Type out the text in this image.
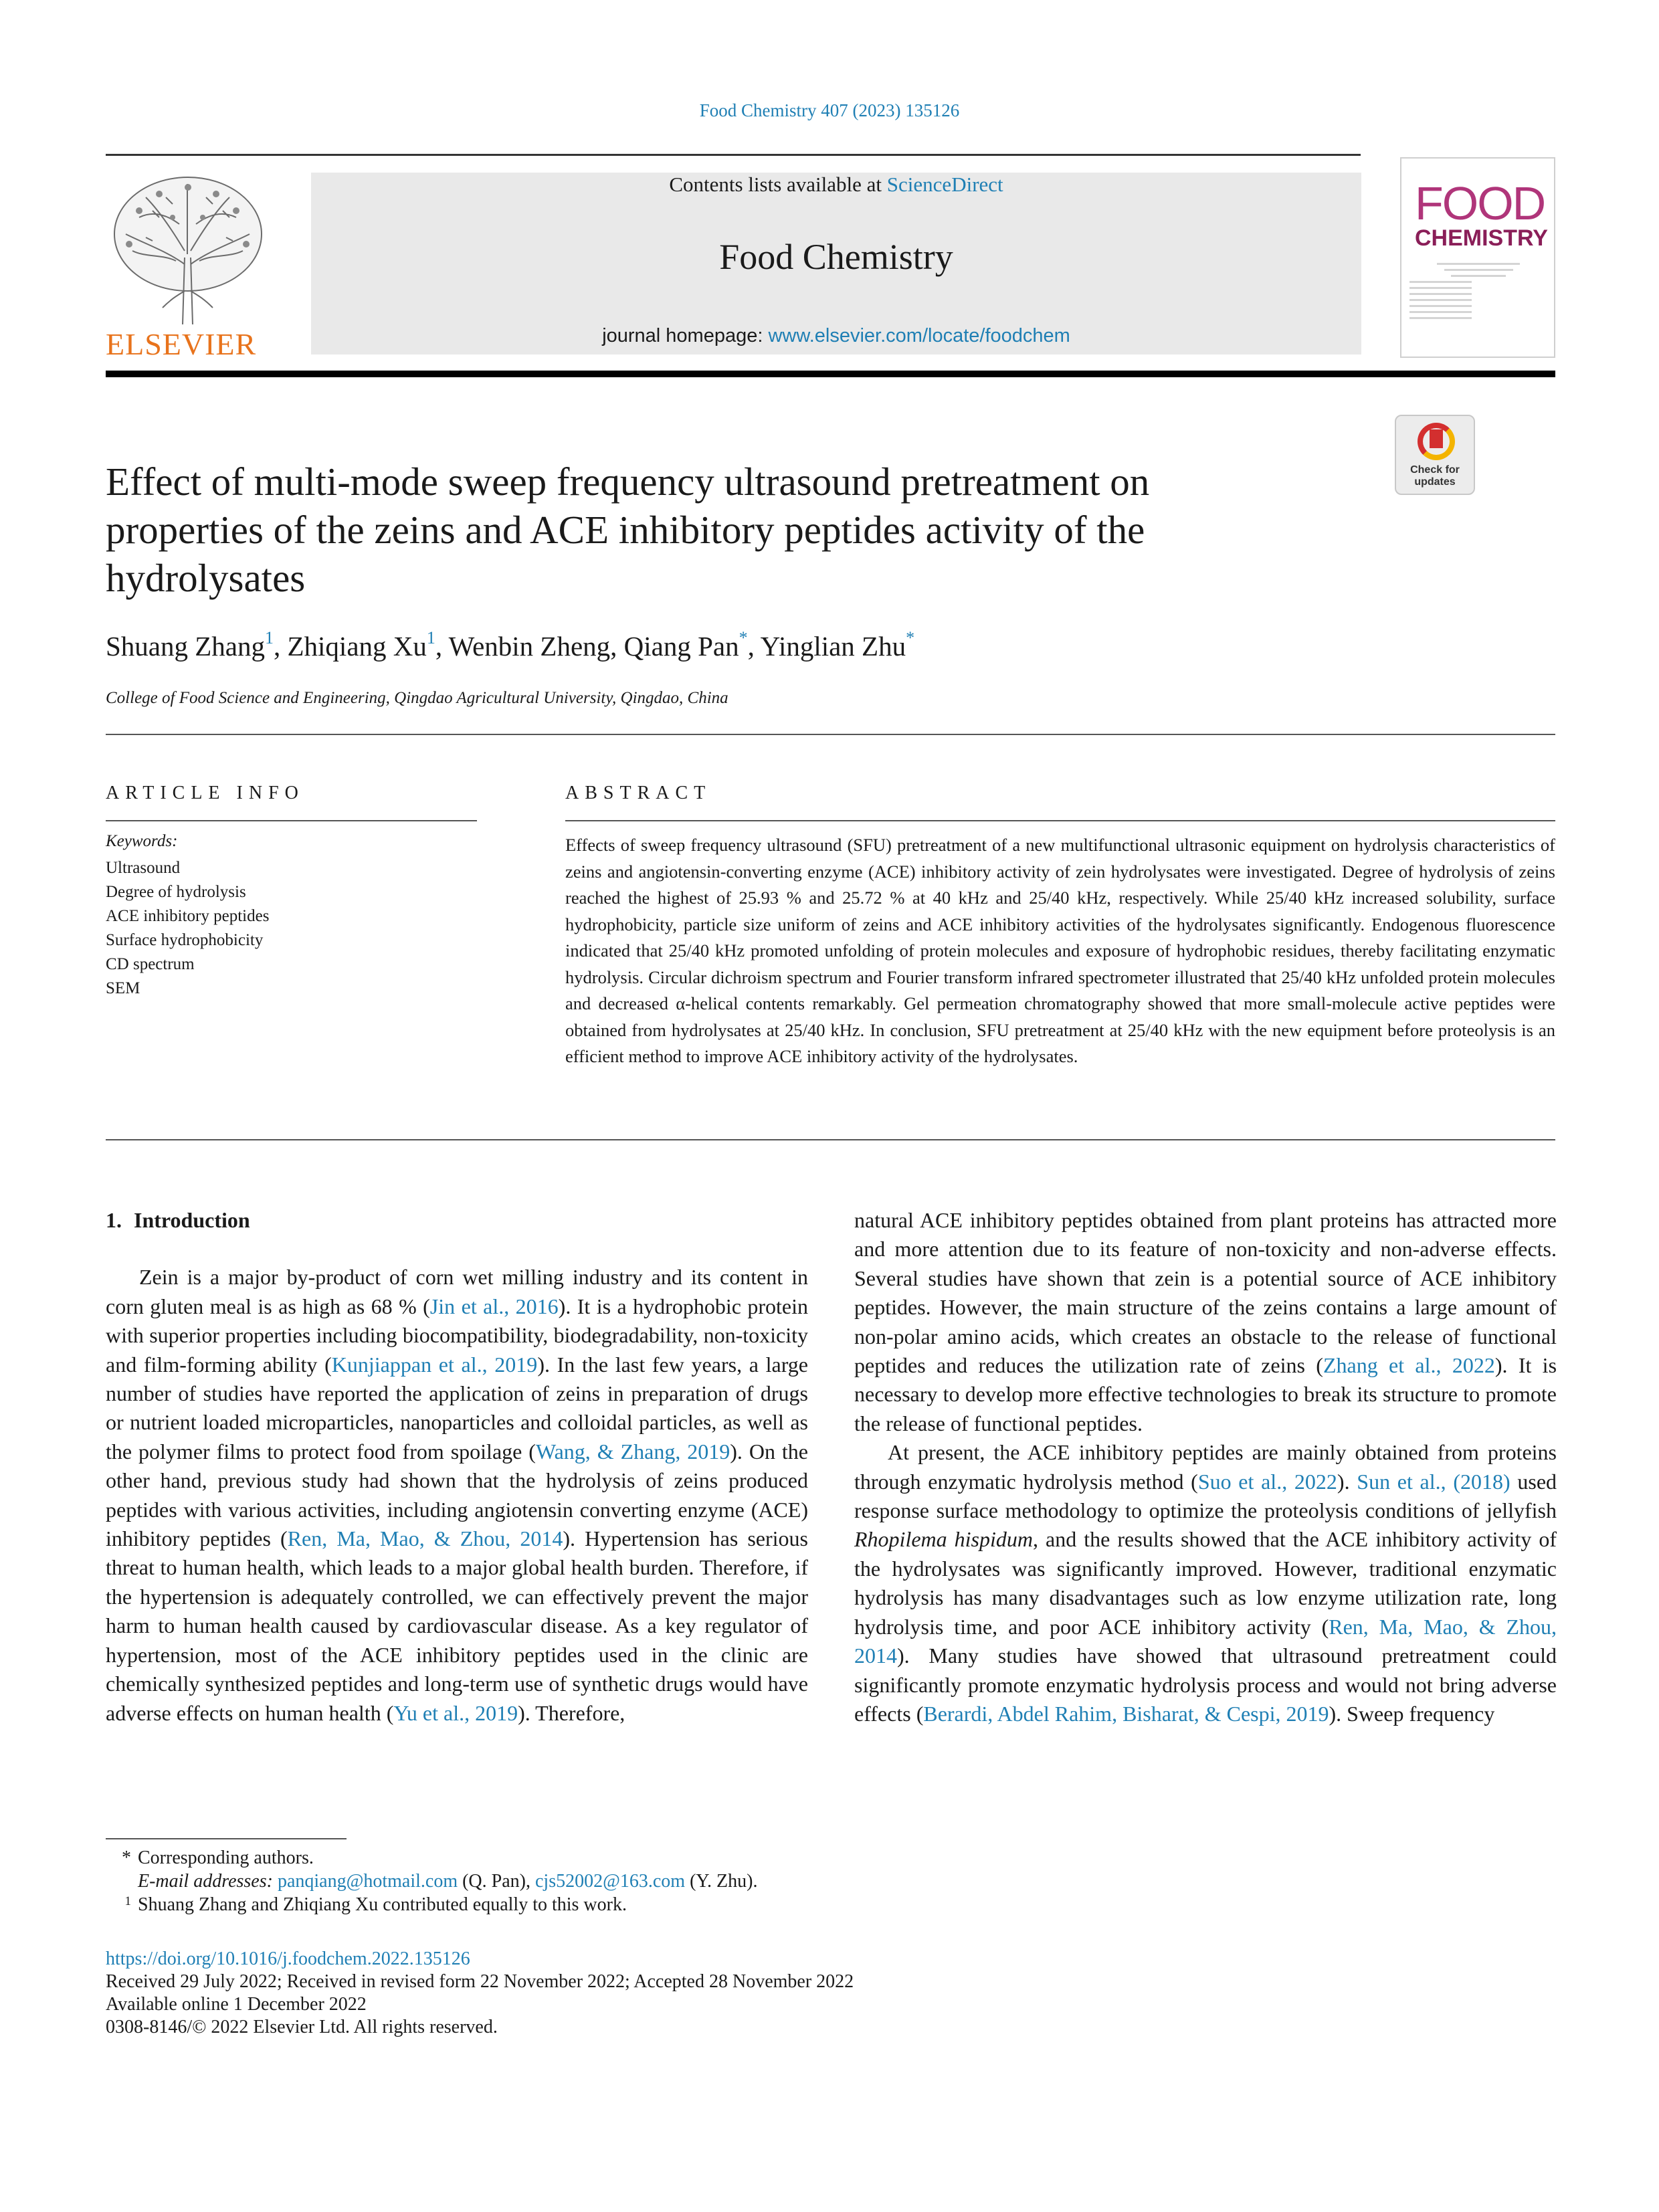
Food Chemistry 407 (2023) 135126
ELSEVIER
Contents lists available at ScienceDirect
Food Chemistry
journal homepage: www.elsevier.com/locate/foodchem
FOOD
CHEMISTRY
Check for updates
Effect of multi-mode sweep frequency ultrasound pretreatment on properties of the zeins and ACE inhibitory peptides activity of the hydrolysates
Shuang Zhang$^1$, Zhiqiang Xu$^1$, Wenbin Zheng, Qiang Pan*, Yinglian Zhu*
College of Food Science and Engineering, Qingdao Agricultural University, Qingdao, China
ARTICLE INFO
Keywords:
Ultrasound
Degree of hydrolysis
ACE inhibitory peptides
Surface hydrophobicity
CD spectrum
SEM
ABSTRACT
Effects of sweep frequency ultrasound (SFU) pretreatment of a new multifunctional ultrasonic equipment on hydrolysis characteristics of zeins and angiotensin-converting enzyme (ACE) inhibitory activity of zein hydrolysates were investigated. Degree of hydrolysis of zeins reached the highest of 25.93 % and 25.72 % at 40 kHz and 25/40 kHz, respectively. While 25/40 kHz increased solubility, surface hydrophobicity, particle size uniform of zeins and ACE inhibitory activities of the hydrolysates significantly. Endogenous fluorescence indicated that 25/40 kHz promoted unfolding of protein molecules and exposure of hydrophobic residues, thereby facilitating enzymatic hydrolysis. Circular dichroism spectrum and Fourier transform infrared spectrometer illustrated that 25/40 kHz unfolded protein molecules and decreased α-helical contents remarkably. Gel permeation chromatography showed that more small-molecule active peptides were obtained from hydrolysates at 25/40 kHz. In conclusion, SFU pretreatment at 25/40 kHz with the new equipment before proteolysis is an efficient method to improve ACE inhibitory activity of the hydrolysates.
1. Introduction

Zein is a major by-product of corn wet milling industry and its content in corn gluten meal is as high as 68 % (Jin et al., 2016). It is a hydrophobic protein with superior properties including biocompatibility, biodegradability, non-toxicity and film-forming ability (Kunjiappan et al., 2019). In the last few years, a large number of studies have reported the application of zeins in preparation of drugs or nutrient loaded microparticles, nanoparticles and colloidal particles, as well as the polymer films to protect food from spoilage (Wang, & Zhang, 2019). On the other hand, previous study had shown that the hydrolysis of zeins produced peptides with various activities, including angiotensin converting enzyme (ACE) inhibitory peptides (Ren, Ma, Mao, & Zhou, 2014). Hypertension has serious threat to human health, which leads to a major global health burden. Therefore, if the hypertension is adequately controlled, we can effectively prevent the major harm to human health caused by cardiovascular disease. As a key regulator of hypertension, most of the ACE inhibitory peptides used in the clinic are chemically synthesized peptides and long-term use of synthetic drugs would have adverse effects on human health (Yu et al., 2019). Therefore,

natural ACE inhibitory peptides obtained from plant proteins has attracted more and more attention due to its feature of non-toxicity and non-adverse effects. Several studies have shown that zein is a potential source of ACE inhibitory peptides. However, the main structure of the zeins contains a large amount of non-polar amino acids, which creates an obstacle to the release of functional peptides and reduces the utilization rate of zeins (Zhang et al., 2022). It is necessary to develop more effective technologies to break its structure to promote the release of functional peptides.

At present, the ACE inhibitory peptides are mainly obtained from proteins through enzymatic hydrolysis method (Suo et al., 2022). Sun et al., (2018) used response surface methodology to optimize the proteolysis conditions of jellyfish Rhopilema hispidum, and the results showed that the ACE inhibitory activity of the hydrolysates was significantly improved. However, traditional enzymatic hydrolysis has many disadvantages such as low enzyme utilization rate, long hydrolysis time, and poor ACE inhibitory activity (Ren, Ma, Mao, & Zhou, 2014). Many studies have showed that ultrasound pretreatment could significantly promote enzymatic hydrolysis process and would not bring adverse effects (Berardi, Abdel Rahim, Bisharat, & Cespi, 2019). Sweep frequency

* Corresponding authors.
E-mail addresses: panqiang@hotmail.com (Q. Pan), cjs52002@163.com (Y. Zhu).
$^1$ Shuang Zhang and Zhiqiang Xu contributed equally to this work.
https://doi.org/10.1016/j.foodchem.2022.135126
Received 29 July 2022; Received in revised form 22 November 2022; Accepted 28 November 2022
Available online 1 December 2022
0308-8146/© 2022 Elsevier Ltd. All rights reserved.
